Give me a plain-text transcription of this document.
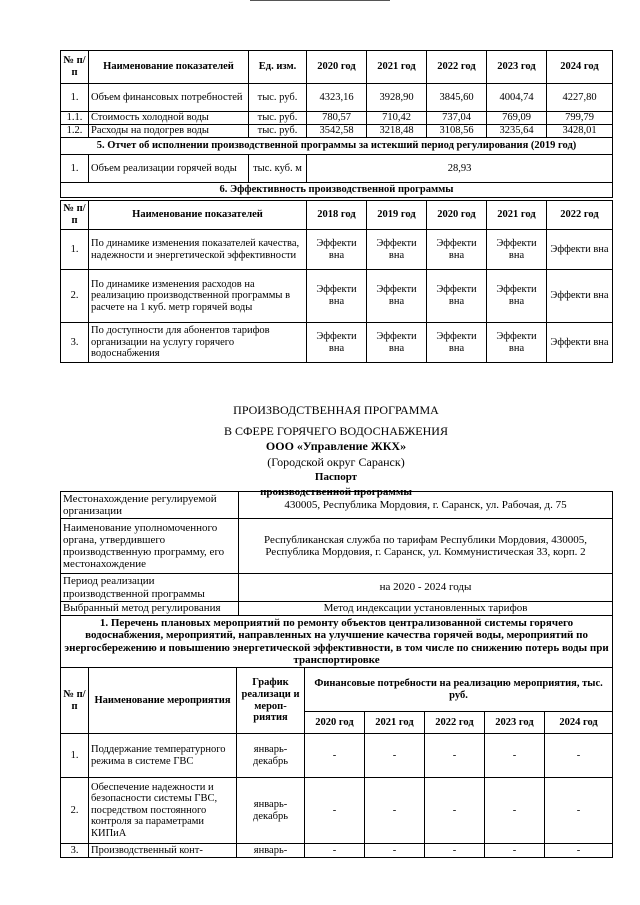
№ п/п	Наименование показателей	Ед. изм.	2020 год	2021 год	2022 год	2023 год	2024 год
1.	Объем финансовых потребностей	тыс. руб.	4323,16	3928,90	3845,60	4004,74	4227,80
1.1.	Стоимость холодной воды	тыс. руб.	780,57	710,42	737,04	769,09	799,79
1.2.	Расходы на подогрев воды	тыс. руб.	3542,58	3218,48	3108,56	3235,64	3428,01
5. Отчет об исполнении производственной программы за истекший период регулирования (2019 год)							
1.	Объем реализации горячей воды	тыс. куб. м	28,93				
6. Эффективность производственной программы							
№ п/п	Наименование показателей	2018 год	2019 год	2020 год	2021 год	2022 год
1.	По динамике изменения показателей качества, надежности и энергетической эффективности	Эффекти вна	Эффекти вна	Эффекти вна	Эффекти вна	Эффекти вна
2.	По динамике изменения расходов на реализацию производственной программы в расчете на 1 куб. метр горячей воды	Эффекти вна	Эффекти вна	Эффекти вна	Эффекти вна	Эффекти вна
3.	По доступности для абонентов тарифов организации на услугу горячего водоснабжения	Эффекти вна	Эффекти вна	Эффекти вна	Эффекти вна	Эффекти вна
ПРОИЗВОДСТВЕННАЯ ПРОГРАММА
В СФЕРЕ ГОРЯЧЕГО ВОДОСНАБЖЕНИЯ
ООО «Управление ЖКХ»
(Городской округ Саранск)
Паспорт
производственной программы
Местонахождение регулируемой организации	430005, Республика Мордовия, г. Саранск, ул. Рабочая, д. 75
Наименование уполномоченного органа, утвердившего производственную программу, его местонахождение	Республиканская служба по тарифам Республики Мордовия, 430005, Республика Мордовия, г. Саранск, ул. Коммунистическая 33, корп. 2
Период реализации производственной программы	на 2020 - 2024 годы
Выбранный метод регулирования	Метод индексации установленных тарифов
1. Перечень плановых мероприятий по ремонту объектов централизованной системы горячего водоснабжения, мероприятий, направленных на улучшение качества горячей воды, мероприятий по энергосбережению и повышению энергетической эффективности, в том числе по снижению потерь воды при транспортировке							
№ п/п	Наименование мероприятия	График реализаци и мероп- риятия	Финансовые потребности на реализацию мероприятия, тыс. руб.				
			2020 год	2021 год	2022 год	2023 год	2024 год
1.	Поддержание температурного режима в системе ГВС	январь-декабрь	-	-	-	-	-
2.	Обеспечение надежности и безопасности системы ГВС, посредством постоянного контроля за параметрами КИПиА	январь-декабрь	-	-	-	-	-
3.	Производственный конт-	январь-	-	-	-	-	-
